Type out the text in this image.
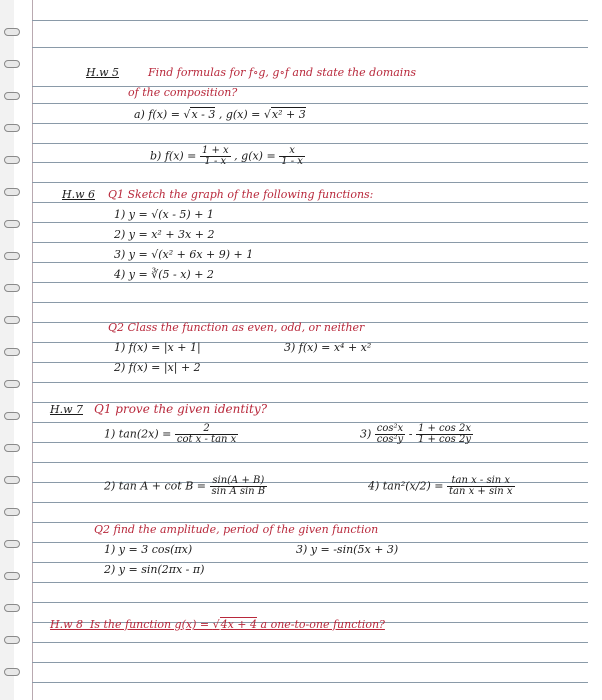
H.w 5	Find formulas for f∘g, g∘f and state the domains
of the composition?
a) f(x) = √x - 3 , g(x) = √x² + 3
b) $f(x) = \frac{1 + x}{1 - x}$ , $g(x) = \frac{x}{1 - x}$
H.w 6 Q1 Sketch the graph of the following functions:
1) y = √(x - 5) + 1
2) y = x² + 3x + 2
3) y = √(x² + 6x + 9) + 1
4) y = ∛(5 - x) + 2
Q2 Class the function as even, odd, or neither
1) f(x) = |x + 1|
2) f(x) = |x| + 2
3) f(x) = x⁴ + x²
H.w 7 Q1 prove the given identity?
1) $\tan(2x) = \frac{2}{\text{cot x - tan x}}$	$3) \frac{\text{cos²x}}{\text{cos²y}} - \frac{1 + \cos 2x}{1 + \cos 2y}$
2) $\tan A + \cot B = \frac{\sin(A + B)}{\text{sin A sin B}}$	4) $\tan^2(x/2) = \frac{\text{tan x - sin x}}{\text{tan x + sin x}}$
Q2 find the amplitude, period of the given function
1) y = 3 cos(πx)
2) y = sin(2πx - π)
3) y = -sin(5x + 3)
H.w 8 Is the function g(x) = √4x + 4 a one-to-one function?
